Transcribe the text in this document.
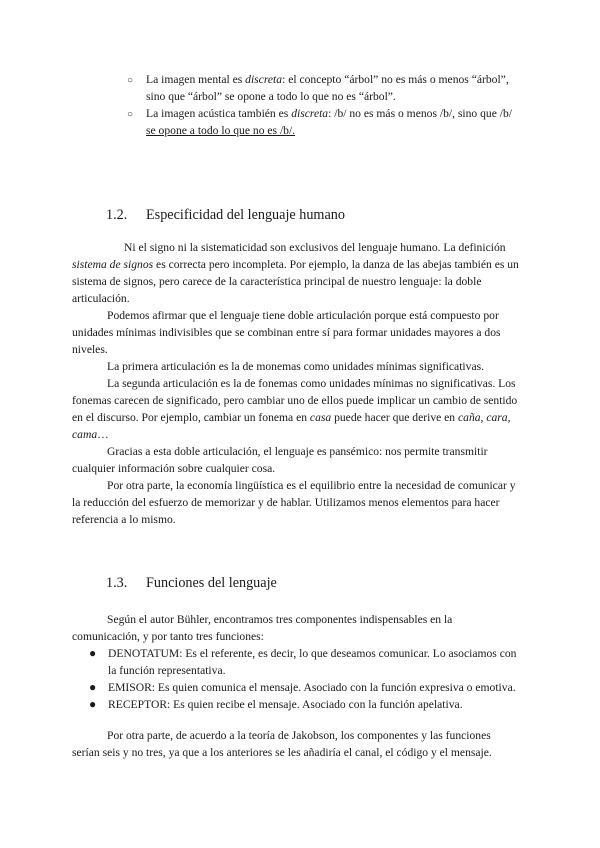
○ La imagen mental es discreta: el concepto “árbol” no es más o menos “árbol”,
sino que “árbol” se opone a todo lo que no es “árbol”.
○ La imagen acústica también es discreta: /b/ no es más o menos /b/, sino que /b/
se opone a todo lo que no es /b/.
1.2. Especificidad del lenguaje humano
Ni el signo ni la sistematicidad son exclusivos del lenguaje humano. La definición
sistema de signos es correcta pero incompleta. Por ejemplo, la danza de las abejas también es un
sistema de signos, pero carece de la característica principal de nuestro lenguaje: la doble
articulación.
Podemos afirmar que el lenguaje tiene doble articulación porque está compuesto por
unidades mínimas indivisibles que se combinan entre sí para formar unidades mayores a dos
niveles.
La primera articulación es la de monemas como unidades mínimas significativas.
La segunda articulación es la de fonemas como unidades mínimas no significativas. Los
fonemas carecen de significado, pero cambiar uno de ellos puede implicar un cambio de sentido
en el discurso. Por ejemplo, cambiar un fonema en casa puede hacer que derive en caña, cara,
cama…
Gracias a esta doble articulación, el lenguaje es pansémico: nos permite transmitir
cualquier información sobre cualquier cosa.
Por otra parte, la economía lingüística es el equilibrio entre la necesidad de comunicar y
la reducción del esfuerzo de memorizar y de hablar. Utilizamos menos elementos para hacer
referencia a lo mismo.
1.3. Funciones del lenguaje
Según el autor Bühler, encontramos tres componentes indispensables en la
comunicación, y por tanto tres funciones:
● DENOTATUM: Es el referente, es decir, lo que deseamos comunicar. Lo asociamos con
la función representativa.
● EMISOR: Es quien comunica el mensaje. Asociado con la función expresiva o emotiva.
● RECEPTOR: Es quien recibe el mensaje. Asociado con la función apelativa.
Por otra parte, de acuerdo a la teoría de Jakobson, los componentes y las funciones
serían seis y no tres, ya que a los anteriores se les añadiría el canal, el código y el mensaje.
